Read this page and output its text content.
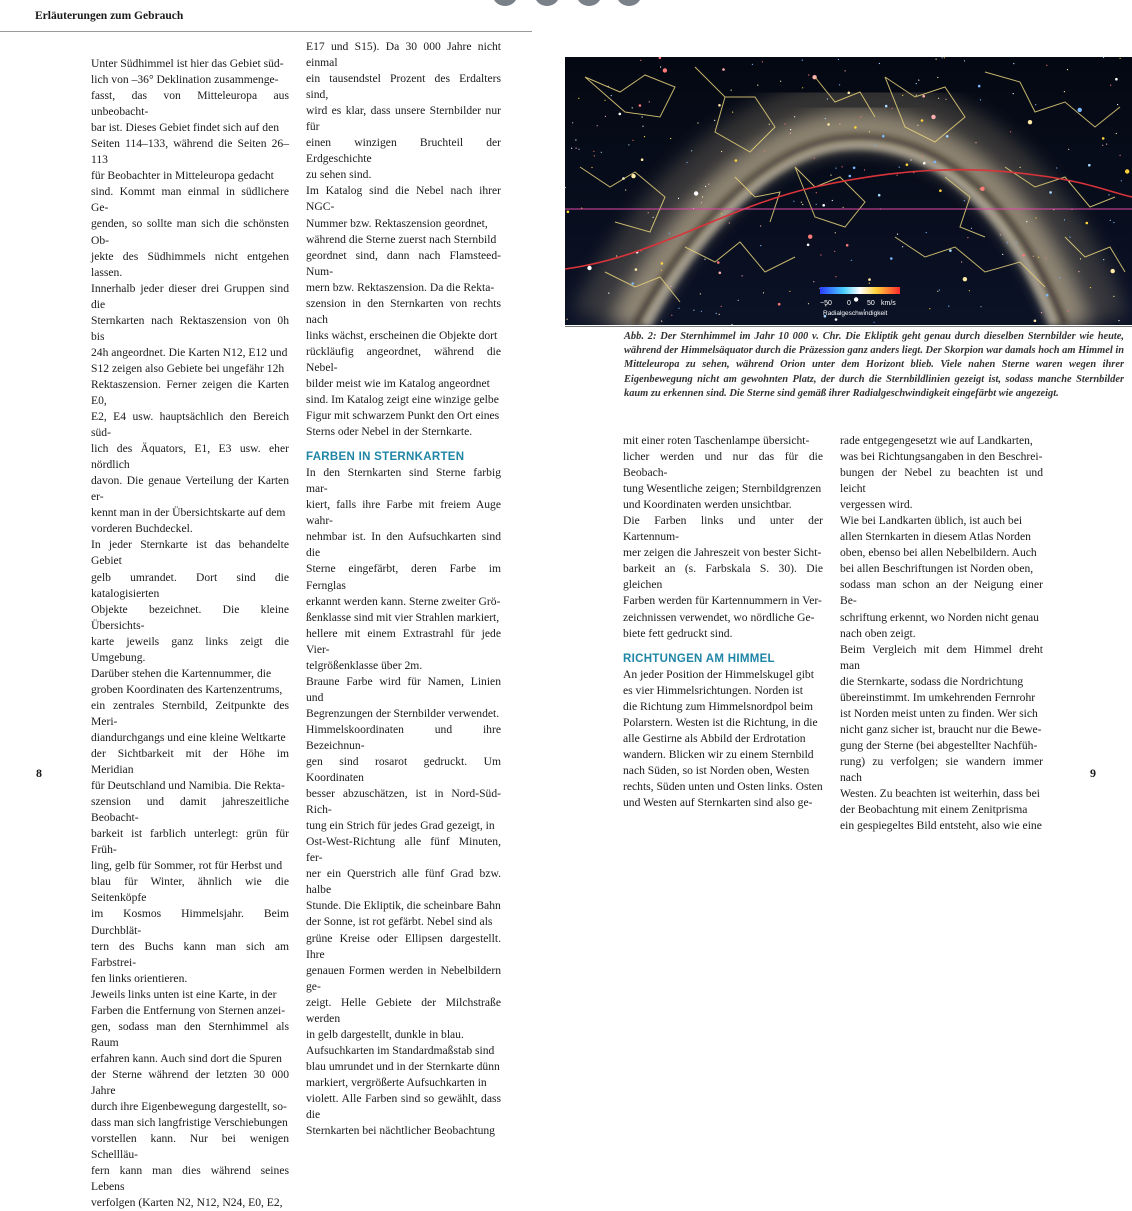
Erläuterungen zum Gebrauch
Unter Südhimmel ist hier das Gebiet süd-
lich von –36° Deklination zusammenge-
fasst, das von Mitteleuropa aus unbeobacht-
bar ist. Dieses Gebiet findet sich auf den
Seiten 114–133, während die Seiten 26–113
für Beobachter in Mitteleuropa gedacht
sind. Kommt man einmal in südlichere Ge-
genden, so sollte man sich die schönsten Ob-
jekte des Südhimmels nicht entgehen lassen.
Innerhalb jeder dieser drei Gruppen sind die
Sternkarten nach Rektaszension von 0h bis
24h angeordnet. Die Karten N12, E12 und
S12 zeigen also Gebiete bei ungefähr 12h
Rektaszension. Ferner zeigen die Karten E0,
E2, E4 usw. hauptsächlich den Bereich süd-
lich des Äquators, E1, E3 usw. eher nördlich
davon. Die genaue Verteilung der Karten er-
kennt man in der Übersichtskarte auf dem
vorderen Buchdeckel.
In jeder Sternkarte ist das behandelte Gebiet
gelb umrandet. Dort sind die katalogisierten
Objekte bezeichnet. Die kleine Übersichts-
karte jeweils ganz links zeigt die Umgebung.
Darüber stehen die Kartennummer, die
groben Koordinaten des Kartenzentrums,
ein zentrales Sternbild, Zeitpunkte des Meri-
diandurchgangs und eine kleine Weltkarte
der Sichtbarkeit mit der Höhe im Meridian
für Deutschland und Namibia. Die Rekta-
szension und damit jahreszeitliche Beobacht-
barkeit ist farblich unterlegt: grün für Früh-
ling, gelb für Sommer, rot für Herbst und
blau für Winter, ähnlich wie die Seitenköpfe
im Kosmos Himmelsjahr. Beim Durchblät-
tern des Buchs kann man sich am Farbstrei-
fen links orientieren.
Jeweils links unten ist eine Karte, in der
Farben die Entfernung von Sternen anzei-
gen, sodass man den Sternhimmel als Raum
erfahren kann. Auch sind dort die Spuren
der Sterne während der letzten 30 000 Jahre
durch ihre Eigenbewegung dargestellt, so-
dass man sich langfristige Verschiebungen
vorstellen kann. Nur bei wenigen Schellläu-
fern kann man dies während seines Lebens
verfolgen (Karten N2, N12, N24, E0, E2,
E17 und S15). Da 30 000 Jahre nicht einmal
ein tausendstel Prozent des Erdalters sind,
wird es klar, dass unsere Sternbilder nur für
einen winzigen Bruchteil der Erdgeschichte
zu sehen sind.
Im Katalog sind die Nebel nach ihrer NGC-
Nummer bzw. Rektaszension geordnet,
während die Sterne zuerst nach Sternbild
geordnet sind, dann nach Flamsteed-Num-
mern bzw. Rektaszension. Da die Rekta-
szension in den Sternkarten von rechts nach
links wächst, erscheinen die Objekte dort
rückläufig angeordnet, während die Nebel-
bilder meist wie im Katalog angeordnet
sind. Im Katalog zeigt eine winzige gelbe
Figur mit schwarzem Punkt den Ort eines
Sterns oder Nebel in der Sternkarte.
FARBEN IN STERNKARTEN
In den Sternkarten sind Sterne farbig mar-
kiert, falls ihre Farbe mit freiem Auge wahr-
nehmbar ist. In den Aufsuchkarten sind die
Sterne eingefärbt, deren Farbe im Fernglas
erkannt werden kann. Sterne zweiter Grö-
ßenklasse sind mit vier Strahlen markiert,
hellere mit einem Extrastrahl für jede Vier-
telgrößenklasse über 2m.
Braune Farbe wird für Namen, Linien und
Begrenzungen der Sternbilder verwendet.
Himmelskoordinaten und ihre Bezeichnun-
gen sind rosarot gedruckt. Um Koordinaten
besser abzuschätzen, ist in Nord-Süd-Rich-
tung ein Strich für jedes Grad gezeigt, in
Ost-West-Richtung alle fünf Minuten, fer-
ner ein Querstrich alle fünf Grad bzw. halbe
Stunde. Die Ekliptik, die scheinbare Bahn
der Sonne, ist rot gefärbt. Nebel sind als
grüne Kreise oder Ellipsen dargestellt. Ihre
genauen Formen werden in Nebelbildern ge-
zeigt. Helle Gebiete der Milchstraße werden
in gelb dargestellt, dunkle in blau.
Aufsuchkarten im Standardmaßstab sind
blau umrundet und in der Sternkarte dünn
markiert, vergrößerte Aufsuchkarten in
violett. Alle Farben sind so gewählt, dass die
Sternkarten bei nächtlicher Beobachtung
−50 0 50 km/s
Radialgeschwindigkeit
Abb. 2: Der Sternhimmel im Jahr 10 000 v. Chr. Die Ekliptik geht genau durch dieselben Sternbilder wie heute, während der Himmelsäquator durch die Präzession ganz anders liegt. Der Skorpion war damals hoch am Himmel in Mitteleuropa zu sehen, während Orion unter dem Horizont blieb. Viele nahen Sterne waren wegen ihrer Eigenbewegung nicht am gewohnten Platz, der durch die Sternbildlinien gezeigt ist, sodass manche Sternbilder kaum zu erkennen sind. Die Sterne sind gemäß ihrer Radialgeschwindigkeit eingefärbt wie angezeigt.
mit einer roten Taschenlampe übersicht-
licher werden und nur das für die Beobach-
tung Wesentliche zeigen; Sternbildgrenzen
und Koordinaten werden unsichtbar.
Die Farben links und unter der Kartennum-
mer zeigen die Jahreszeit von bester Sicht-
barkeit an (s. Farbskala S. 30). Die gleichen
Farben werden für Kartennummern in Ver-
zeichnissen verwendet, wo nördliche Ge-
biete fett gedruckt sind.
RICHTUNGEN AM HIMMEL
An jeder Position der Himmelskugel gibt
es vier Himmelsrichtungen. Norden ist
die Richtung zum Himmelsnordpol beim
Polarstern. Westen ist die Richtung, in die
alle Gestirne als Abbild der Erdrotation
wandern. Blicken wir zu einem Sternbild
nach Süden, so ist Norden oben, Westen
rechts, Süden unten und Osten links. Osten
und Westen auf Sternkarten sind also ge-
rade entgegengesetzt wie auf Landkarten,
was bei Richtungsangaben in den Beschrei-
bungen der Nebel zu beachten ist und leicht
vergessen wird.
Wie bei Landkarten üblich, ist auch bei
allen Sternkarten in diesem Atlas Norden
oben, ebenso bei allen Nebelbildern. Auch
bei allen Beschriftungen ist Norden oben,
sodass man schon an der Neigung einer Be-
schriftung erkennt, wo Norden nicht genau
nach oben zeigt.
Beim Vergleich mit dem Himmel dreht man
die Sternkarte, sodass die Nordrichtung
übereinstimmt. Im umkehrenden Fernrohr
ist Norden meist unten zu finden. Wer sich
nicht ganz sicher ist, braucht nur die Bewe-
gung der Sterne (bei abgestellter Nachfüh-
rung) zu verfolgen; sie wandern immer nach
Westen. Zu beachten ist weiterhin, dass bei
der Beobachtung mit einem Zenitprisma
ein gespiegeltes Bild entsteht, also wie eine
8	9
